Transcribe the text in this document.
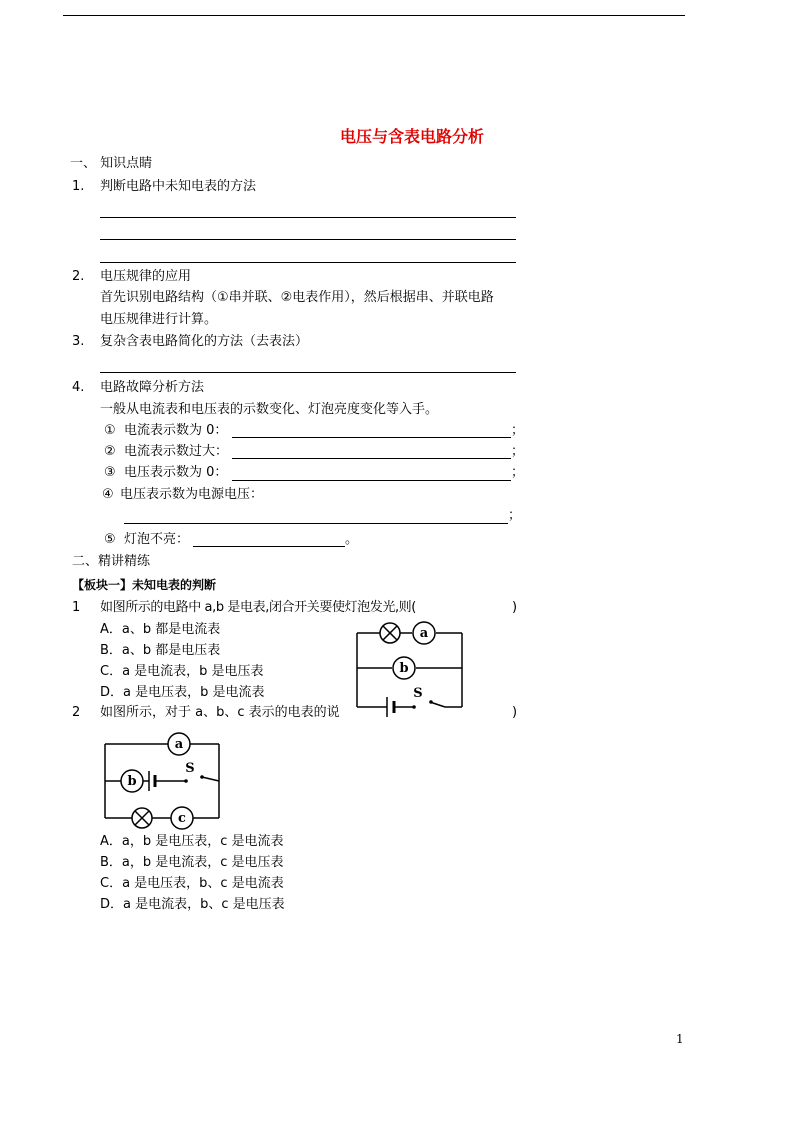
电压与含表电路分析
一、 知识点睛
1. 判断电路中未知电表的方法
2. 电压规律的应用
首先识别电路结构（①串并联、②电表作用），然后根据串、并联电路
电压规律进行计算。
3. 复杂含表电路简化的方法（去表法）
4. 电路故障分析方法
一般从电流表和电压表的示数变化、灯泡亮度变化等入手。
① 电流表示数为 0：	；
② 电流表示数过大：	；
③ 电压表示数为 0：	；
④ 电压表示数为电源电压：
；
⑤ 灯泡不亮：	。
二、精讲精练
【板块一】未知电表的判断
1 如图所示的电路中 a,b 是电表,闭合开关要使灯泡发光,则(	)
A．a、b 都是电流表
B．a、b 都是电压表
C．a 是电流表，b 是电压表
D．a 是电压表，b 是电流表
a
b
S
2 如图所示，对于 a、b、c 表示的电表的说	)
a
b
c
S
A．a，b 是电压表，c 是电流表
B．a，b 是电流表，c 是电压表
C．a 是电压表，b、c 是电流表
D．a 是电流表，b、c 是电压表
1
